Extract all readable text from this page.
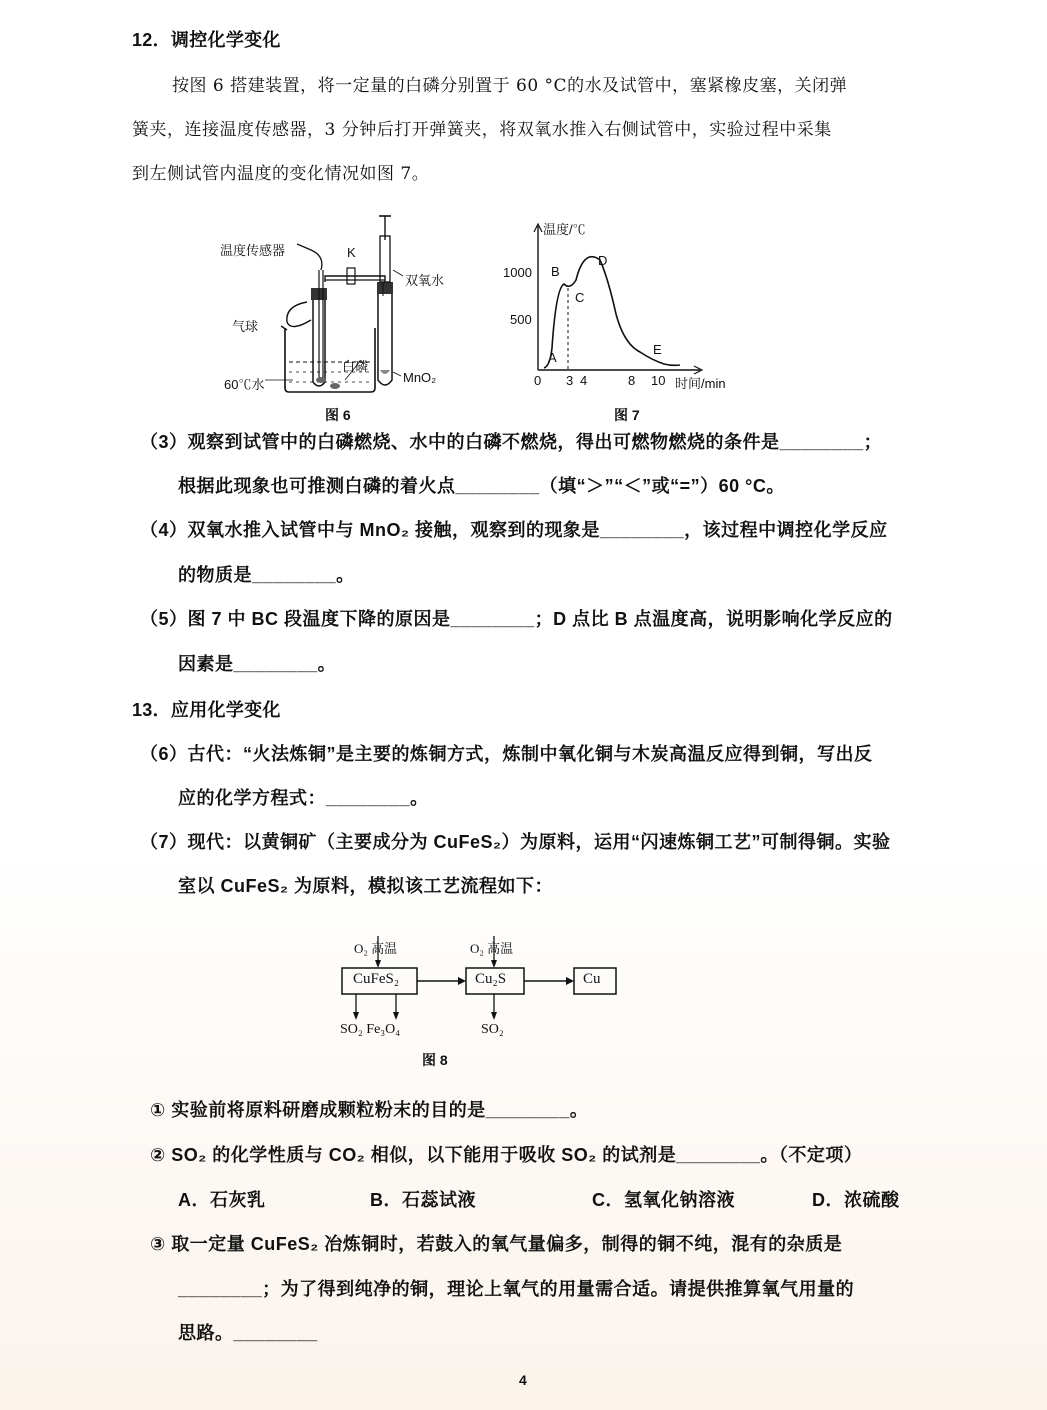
12．调控化学变化
按图 6 搭建装置，将一定量的白磷分别置于 60 °C的水及试管中，塞紧橡皮塞，关闭弹
簧夹，连接温度传感器，3 分钟后打开弹簧夹，将双氧水推入右侧试管中，实验过程中采集
到左侧试管内温度的变化情况如图 7。
温度传感器	K
双氧水
气球
白磷
60℃水	MnO₂
图 6
温度/℃
1000
500
0 3 4	8 10 时间/min
A
B
C
D
E
图 7
（3）观察到试管中的白磷燃烧、水中的白磷不燃烧，得出可燃物燃烧的条件是________；
根据此现象也可推测白磷的着火点________（填“＞”“＜”或“=”）60 °C。
（4）双氧水推入试管中与 MnO₂ 接触，观察到的现象是________，该过程中调控化学反应
的物质是________。
（5）图 7 中 BC 段温度下降的原因是________；D 点比 B 点温度高，说明影响化学反应的
因素是________。
13．应用化学变化
（6）古代：“火法炼铜”是主要的炼铜方式，炼制中氧化铜与木炭高温反应得到铜，写出反
应的化学方程式：________。
（7）现代：以黄铜矿（主要成分为 CuFeS₂）为原料，运用“闪速炼铜工艺”可制得铜。实验
室以 CuFeS₂ 为原料，模拟该工艺流程如下：
O₂ 高温	O₂ 高温
CuFeS₂	Cu₂S	Cu
SO₂ Fe₃O₄	SO₂
图 8
① 实验前将原料研磨成颗粒粉末的目的是________。
② SO₂ 的化学性质与 CO₂ 相似，以下能用于吸收 SO₂ 的试剂是________。（不定项）
A．石灰乳	B．石蕊试液	C．氢氧化钠溶液	D．浓硫酸
③ 取一定量 CuFeS₂ 冶炼铜时，若鼓入的氧气量偏多，制得的铜不纯，混有的杂质是
________；为了得到纯净的铜，理论上氧气的用量需合适。请提供推算氧气用量的
思路。________
4
